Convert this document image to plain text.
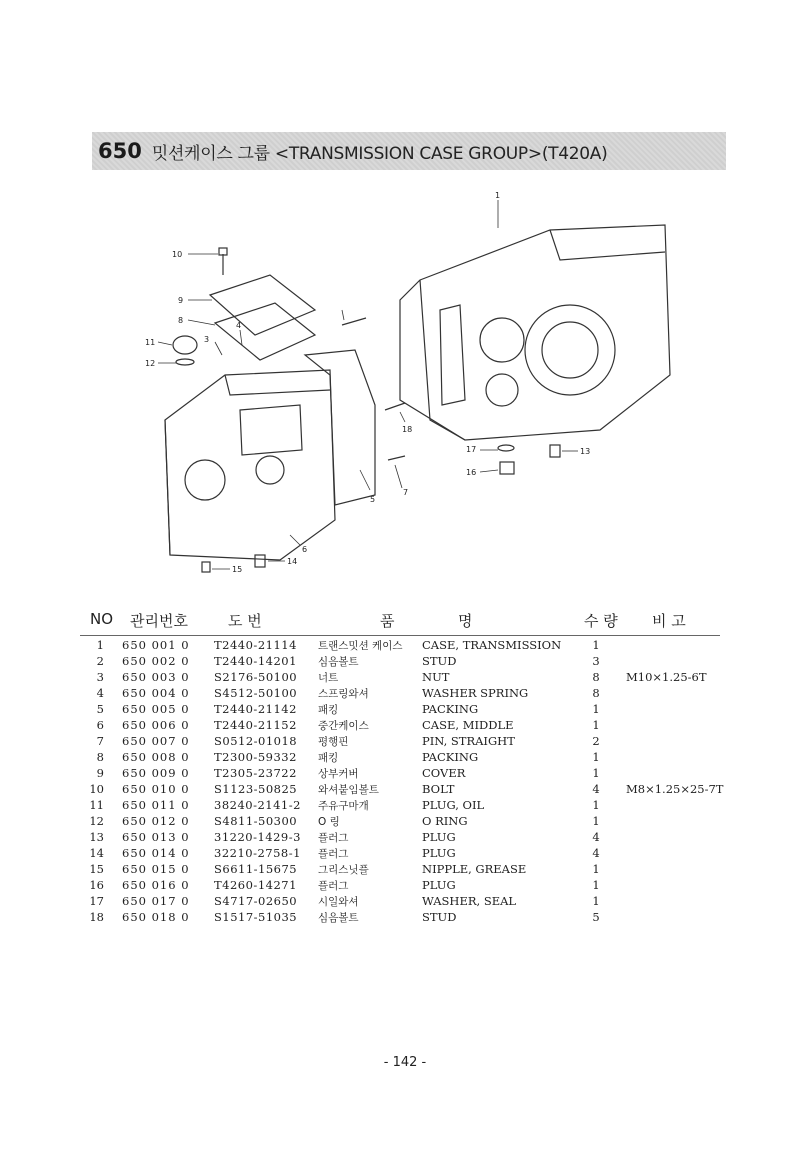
650 밋션케이스 그룹 <TRANSMISSION CASE GROUP>(T420A)
1
10
9
8
11
12
3
4
5
6
7
18
17
16
13
14
15
NO 관리번호	도 번	품	명	수 량 비 고
1 650 001 0 T2440-21114 트랜스밋션 케이스 CASE, TRANSMISSION	1
2 650 002 0 T2440-14201 심음볼트	STUD	3
3 650 003 0 S2176-50100 너트	NUT	8	M10×1.25-6T
4 650 004 0 S4512-50100 스프링와셔	WASHER SPRING	8
5 650 005 0 T2440-21142 패킹	PACKING	1
6 650 006 0 T2440-21152 중간케이스	CASE, MIDDLE	1
7 650 007 0 S0512-01018 평행핀	PIN, STRAIGHT	2
8 650 008 0 T2300-59332 패킹	PACKING	1
9 650 009 0 T2305-23722 상부커버	COVER	1
10 650 010 0 S1123-50825 와셔붙임볼트	BOLT	4	M8×1.25×25-7T
11 650 011 0 38240-2141-2 주유구마개	PLUG, OIL	1
12 650 012 0 S4811-50300 O 링	O RING	1
13 650 013 0 31220-1429-3 플러그	PLUG	4
14 650 014 0 32210-2758-1 플러그	PLUG	4
15 650 015 0 S6611-15675 그리스닛플	NIPPLE, GREASE	1
16 650 016 0 T4260-14271 플러그	PLUG	1
17 650 017 0 S4717-02650 시일와셔	WASHER, SEAL	1
18 650 018 0 S1517-51035 심음볼트	STUD	5
- 142 -
